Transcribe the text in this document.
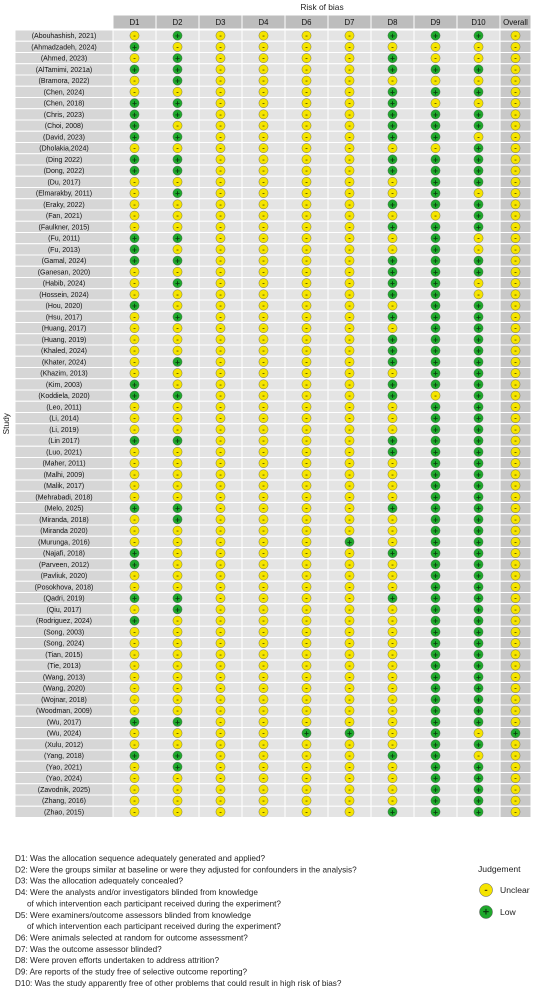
Risk of bias
Study
D1	D2	D3	D4	D6	D7	D8	D9	D10 Overall
(Abouhashish, 2021)	-	+	-	-	-	-	+	+	+	-
(Ahmadzadeh, 2024)	+	-	-	-	-	-	-	-	-	-
(Ahmed, 2023)	-	+	-	-	-	-	+	-	-	-
(AlTamimi, 2021a)	+	+	-	-	-	-	+	+	+	-
(Bramora, 2022)	-	+	-	-	-	-	-	-	-	-
(Chen, 2024)	-	-	-	-	-	-	+	+	+	-
(Chen, 2018)	+	+	-	-	-	-	+	-	-	-
(Chris, 2023)	+	+	-	-	-	-	+	+	+	-
(Choi, 2008)	+	-	-	-	-	-	+	+	+	-
(David, 2023)	+	+	-	-	-	-	+	+	-	-
(Dholakia,2024)	-	-	-	-	-	-	-	-	+	-
(Ding 2022)	+	+	-	-	-	-	+	+	+	-
(Dong, 2022)	+	+	-	-	-	-	+	+	+	-
(Du, 2017)	-	-	-	-	-	-	-	+	+	-
(Elmarakby, 2011)	-	+	-	-	-	-	-	+	-	-
(Eraky, 2022)	-	-	-	-	-	-	+	+	+	-
(Fan, 2021)	-	-	-	-	-	-	-	-	+	-
(Faulkner, 2015)	-	-	-	-	-	-	+	+	+	-
(Fu, 2011)	+	+	-	-	-	-	-	+	-	-
(Fu, 2013)	+	-	-	-	-	-	-	+	-	-
(Gamal, 2024)	+	+	-	-	-	-	+	+	+	-
(Ganesan, 2020)	-	-	-	-	-	-	+	+	+	-
(Habib, 2024)	-	+	-	-	-	-	+	+	-	-
(Hossein, 2024)	-	-	-	-	-	-	+	+	-	-
(Hou, 2020)	+	-	-	-	-	-	-	+	+	-
(Hsu, 2017)	-	+	-	-	-	-	+	+	+	-
(Huang, 2017)	-	-	-	-	-	-	-	+	+	-
(Huang, 2019)	-	-	-	-	-	-	+	+	+	-
(Khaled, 2024)	-	-	-	-	-	-	+	+	+	-
(Khater, 2024)	-	+	-	-	-	-	+	+	+	-
(Khazim, 2013)	-	-	-	-	-	-	-	+	+	-
(Kim, 2003)	+	-	-	-	-	-	+	+	+	-
(Koddiela, 2020)	+	+	-	-	-	-	+	-	+	-
(Leo, 2011)	-	-	-	-	-	-	-	+	+	-
(Li, 2014)	-	-	-	-	-	-	-	+	+	-
(Li, 2019)	-	-	-	-	-	-	-	+	+	-
(Lin 2017)	+	+	-	-	-	-	+	+	+	-
(Luo, 2021)	-	-	-	-	-	-	+	+	+	-
(Maher, 2011)	-	-	-	-	-	-	-	+	+	-
(Malhi, 2009)	-	-	-	-	-	-	-	+	+	-
(Malik, 2017)	-	-	-	-	-	-	-	+	+	-
(Mehrabadi, 2018)	-	-	-	-	-	-	-	+	+	-
(Melo, 2025)	+	+	-	-	-	-	+	+	+	-
(Miranda, 2018)	-	+	-	-	-	-	-	+	+	-
(Miranda 2020)	-	-	-	-	-	-	-	+	+	-
(Murunga, 2016)	-	-	-	-	-	+	-	+	+	-
(Najafi, 2018)	+	-	-	-	-	-	+	+	+	-
(Parveen, 2012)	+	-	-	-	-	-	-	+	+	-
(Pavliuk, 2020)	-	-	-	-	-	-	-	+	+	-
(Posokhova, 2018)	-	-	-	-	-	-	-	+	+	-
(Qadri, 2019)	+	+	-	-	-	-	+	+	+	-
(Qiu, 2017)	-	+	-	-	-	-	-	+	+	-
(Rodriguez, 2024)	+	-	-	-	-	-	-	+	+	-
(Song, 2003)	-	-	-	-	-	-	-	+	+	-
(Song, 2024)	-	-	-	-	-	-	-	+	+	-
(Tian, 2015)	-	-	-	-	-	-	-	+	+	-
(Tie, 2013)	-	-	-	-	-	-	-	+	+	-
(Wang, 2013)	-	-	-	-	-	-	-	+	+	-
(Wang, 2020)	-	-	-	-	-	-	-	+	+	-
(Wojnar, 2018)	-	-	-	-	-	-	-	+	+	-
(Woodman, 2009)	-	-	-	-	-	-	-	+	+	-
(Wu, 2017)	+	+	-	-	-	-	-	+	+	-
(Wu, 2024)	-	-	-	-	+	+	-	+	-	+
(Xulu, 2012)	-	-	-	-	-	-	-	+	+	-
(Yang, 2018)	+	+	-	-	-	-	+	+	-	-
(Yao, 2021)	-	+	-	-	-	-	-	+	+	-
(Yao, 2024)	-	-	-	-	-	-	-	+	+	-
(Zavodnik, 2025)	-	-	-	-	-	-	-	+	+	-
(Zhang, 2016)	-	-	-	-	-	-	-	+	+	-
(Zhao, 2015)	-	-	-	-	-	-	+	+	+	-
D1: Was the allocation sequence adequately generated and applied?
D2: Were the groups similar at baseline or were they adjusted for confounders in the analysis?
D3: Was the allocation adequately concealed?
D4: Were the analysts and/or investigators blinded from knowledge
of which intervention each participant received during the experiment?
D5: Were examiners/outcome assessors blinded from knowledge
of which intervention each participant received during the experiment?
D6: Were animals selected at random for outcome assessment?
D7: Was the outcome assessor blinded?
D8: Were proven efforts undertaken to address attrition?
D9: Are reports of the study free of selective outcome reporting?
D10: Was the study apparently free of other problems that could result in high risk of bias?
Judgement
- Unclear
+ Low
